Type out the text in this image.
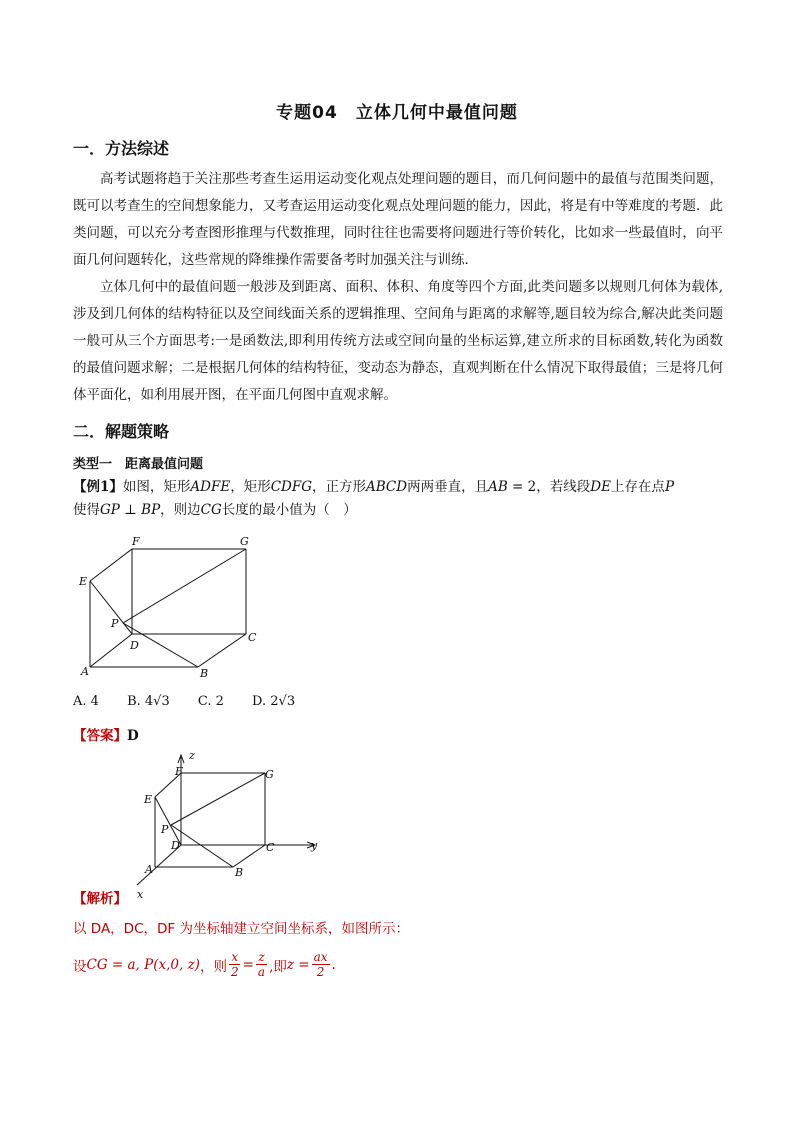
专题04　立体几何中最值问题
一．方法综述

高考试题将趋于关注那些考查生运用运动变化观点处理问题的题目，而几何问题中的最值与范围类问题，既可以考查生的空间想象能力，又考查运用运动变化观点处理问题的能力，因此，将是有中等难度的考题．此类问题，可以充分考查图形推理与代数推理，同时往往也需要将问题进行等价转化，比如求一些最值时，向平面几何问题转化，这些常规的降维操作需要备考时加强关注与训练．

立体几何中的最值问题一般涉及到距离、面积、体积、角度等四个方面,此类问题多以规则几何体为载体,涉及到几何体的结构特征以及空间线面关系的逻辑推理、空间角与距离的求解等,题目较为综合,解决此类问题一般可从三个方面思考:一是函数法,即利用传统方法或空间向量的坐标运算,建立所求的目标函数,转化为函数的最值问题求解；二是根据几何体的结构特征，变动态为静态，直观判断在什么情况下取得最值；三是将几何体平面化，如利用展开图，在平面几何图中直观求解。

二．解题策略
类型一　距离最值问题
【例1】如图，矩形ADFE，矩形CDFG，正方形ABCD两两垂直，且AB = 2，若线段DE上存在点P
使得GP ⊥ BP，则边CG长度的最小值为（　）
F	G
E
P
D
C
A	B
A. 4 B. 4√3 C. 2 D. 2√3
【答案】D
z
F	G
E
P
D	C	y
A	B
x
【解析】
以 DA，DC，DF 为坐标轴建立空间坐标系，如图所示：
设 CG = a, P(x,0, z) ，则 $\frac{x}{2} = \frac{z}{a}$ ,即 $z = \frac{ax}{2}$ .
